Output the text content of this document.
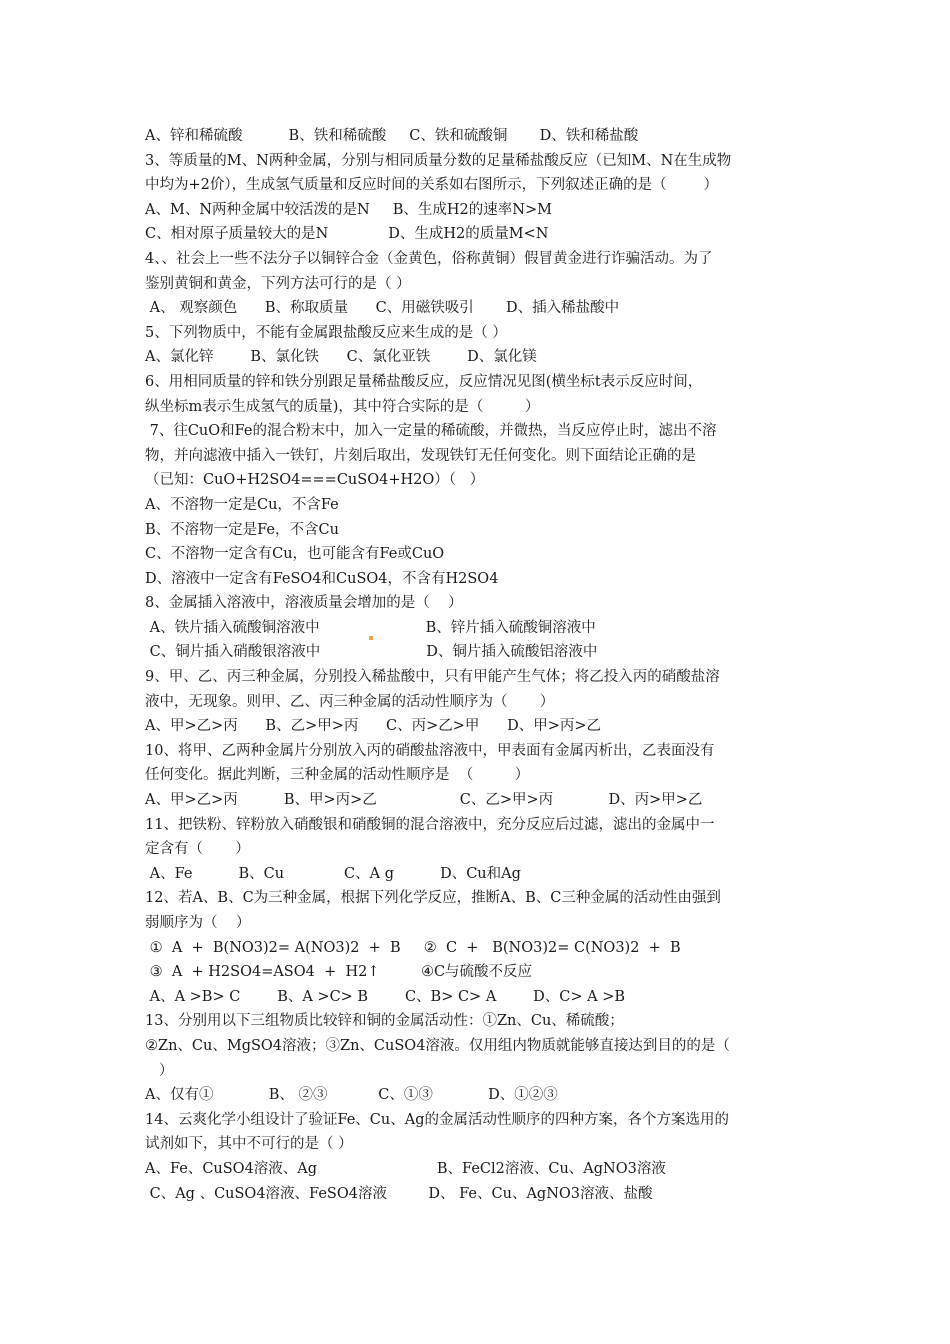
A、锌和稀硫酸          B、铁和稀硫酸     C、铁和硫酸铜       D、铁和稀盐酸
3、等质量的M、N两种金属，分别与相同质量分数的足量稀盐酸反应（已知M、N在生成物
中均为+2价），生成氢气质量和反应时间的关系如右图所示，下列叙述正确的是（        ）
A、M、N两种金属中较活泼的是N     B、生成H2的速率N>M
C、相对原子质量较大的是N             D、生成H2的质量M<N
4、、社会上一些不法分子以铜锌合金（金黄色，俗称黄铜）假冒黄金进行诈骗活动。为了
鉴别黄铜和黄金，下列方法可行的是（ ）
A、 观察颜色      B、称取质量      C、用磁铁吸引       D、插入稀盐酸中
5、下列物质中，不能有金属跟盐酸反应来生成的是（ ）
A、氯化锌        B、氯化铁      C、氯化亚铁        D、氯化镁
6、用相同质量的锌和铁分别跟足量稀盐酸反应，反应情况见图(横坐标t表示反应时间，
纵坐标m表示生成氢气的质量)，其中符合实际的是（         ）
7、往CuO和Fe的混合粉末中，加入一定量的稀硫酸，并微热，当反应停止时，滤出不溶
物，并向滤液中插入一铁钉，片刻后取出，发现铁钉无任何变化。则下面结论正确的是
（已知：CuO+H2SO4===CuSO4+H2O）（   ）
A、不溶物一定是Cu，不含Fe
B、不溶物一定是Fe，不含Cu
C、不溶物一定含有Cu，也可能含有Fe或CuO
D、溶液中一定含有FeSO4和CuSO4，不含有H2SO4
8、金属插入溶液中，溶液质量会增加的是（    ）
A、铁片插入硫酸铜溶液中                       B、锌片插入硫酸铜溶液中
C、铜片插入硝酸银溶液中                       D、铜片插入硫酸铝溶液中
9、甲、乙、丙三种金属，分别投入稀盐酸中，只有甲能产生气体；将乙投入丙的硝酸盐溶
液中，无现象。则甲、乙、丙三种金属的活动性顺序为（       ）
A、甲>乙>丙      B、乙>甲>丙      C、丙>乙>甲      D、甲>丙>乙
10、将甲、乙两种金属片分别放入丙的硝酸盐溶液中，甲表面有金属丙析出，乙表面没有
任何变化。据此判断，三种金属的活动性顺序是  （         ）
A、甲>乙>丙          B、甲>丙>乙                  C、乙>甲>丙            D、丙>甲>乙
11、把铁粉、锌粉放入硝酸银和硝酸铜的混合溶液中，充分反应后过滤，滤出的金属中一
定含有（       ）
A、Fe          B、Cu             C、A g          D、Cu和Ag
12、若A、B、C为三种金属，根据下列化学反应，推断A、B、C三种金属的活动性由强到
弱顺序为（    ）
①  A  +  B(NO3)2= A(NO3)2  +  B     ②  C  +   B(NO3)2= C(NO3)2  +  B
③  A  + H2SO4=ASO4  +  H2↑         ④C与硫酸不反应
A、A >B> C        B、A >C> B        C、B> C> A        D、C> A >B
13、分别用以下三组物质比较锌和铜的金属活动性：①Zn、Cu、稀硫酸；
②Zn、Cu、MgSO4溶液；③Zn、CuSO4溶液。仅用组内物质就能够直接达到目的的是（
）
A、仅有①            B、 ②③           C、①③            D、①②③
14、云爽化学小组设计了验证Fe、Cu、Ag的金属活动性顺序的四种方案，各个方案选用的
试剂如下，其中不可行的是（ ）
A、Fe、CuSO4溶液、Ag                          B、FeCl2溶液、Cu、AgNO3溶液
C、Ag 、CuSO4溶液、FeSO4溶液         D、 Fe、Cu、AgNO3溶液、盐酸
